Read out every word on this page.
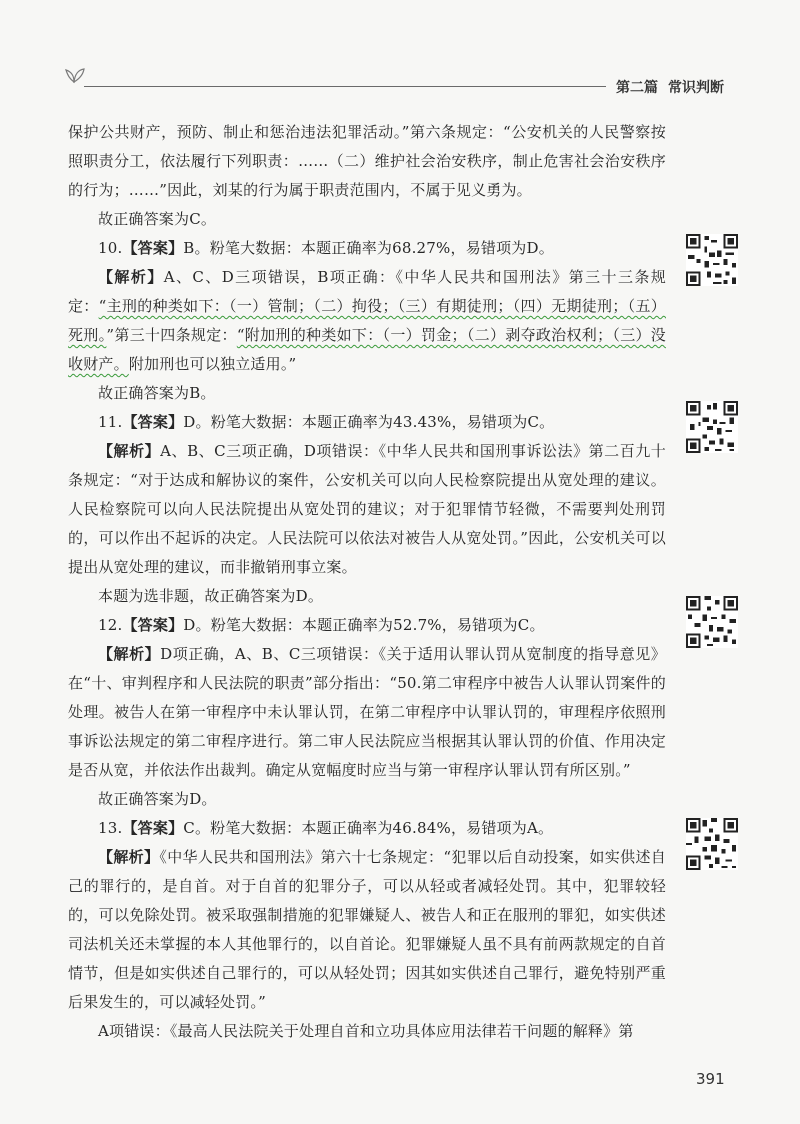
第二篇 常识判断

保护公共财产，预防、制止和惩治违法犯罪活动。”第六条规定：“公安机关的人民警察按照职责分工，依法履行下列职责：……（二）维护社会治安秩序，制止危害社会治安秩序的行为；……”因此，刘某的行为属于职责范围内，不属于见义勇为。

故正确答案为C。

10.【答案】B。粉笔大数据：本题正确率为68.27%，易错项为D。

【解析】A、C、D三项错误，B项正确：《中华人民共和国刑法》第三十三条规定：“主刑的种类如下：（一）管制；（二）拘役；（三）有期徒刑；（四）无期徒刑；（五）死刑。”第三十四条规定：“附加刑的种类如下：（一）罚金；（二）剥夺政治权利；（三）没收财产。附加刑也可以独立适用。”

故正确答案为B。

11.【答案】D。粉笔大数据：本题正确率为43.43%，易错项为C。

【解析】A、B、C三项正确，D项错误：《中华人民共和国刑事诉讼法》第二百九十条规定：“对于达成和解协议的案件，公安机关可以向人民检察院提出从宽处理的建议。人民检察院可以向人民法院提出从宽处罚的建议；对于犯罪情节轻微，不需要判处刑罚的，可以作出不起诉的决定。人民法院可以依法对被告人从宽处罚。”因此，公安机关可以提出从宽处理的建议，而非撤销刑事立案。

本题为选非题，故正确答案为D。

12.【答案】D。粉笔大数据：本题正确率为52.7%，易错项为C。

【解析】D项正确，A、B、C三项错误：《关于适用认罪认罚从宽制度的指导意见》在“十、审判程序和人民法院的职责”部分指出：“50.第二审程序中被告人认罪认罚案件的处理。被告人在第一审程序中未认罪认罚，在第二审程序中认罪认罚的，审理程序依照刑事诉讼法规定的第二审程序进行。第二审人民法院应当根据其认罪认罚的价值、作用决定是否从宽，并依法作出裁判。确定从宽幅度时应当与第一审程序认罪认罚有所区别。”

故正确答案为D。

13.【答案】C。粉笔大数据：本题正确率为46.84%，易错项为A。

【解析】《中华人民共和国刑法》第六十七条规定：“犯罪以后自动投案，如实供述自己的罪行的，是自首。对于自首的犯罪分子，可以从轻或者减轻处罚。其中，犯罪较轻的，可以免除处罚。被采取强制措施的犯罪嫌疑人、被告人和正在服刑的罪犯，如实供述司法机关还未掌握的本人其他罪行的，以自首论。犯罪嫌疑人虽不具有前两款规定的自首情节，但是如实供述自己罪行的，可以从轻处罚；因其如实供述自己罪行，避免特别严重后果发生的，可以减轻处罚。”

A项错误：《最高人民法院关于处理自首和立功具体应用法律若干问题的解释》第

391
